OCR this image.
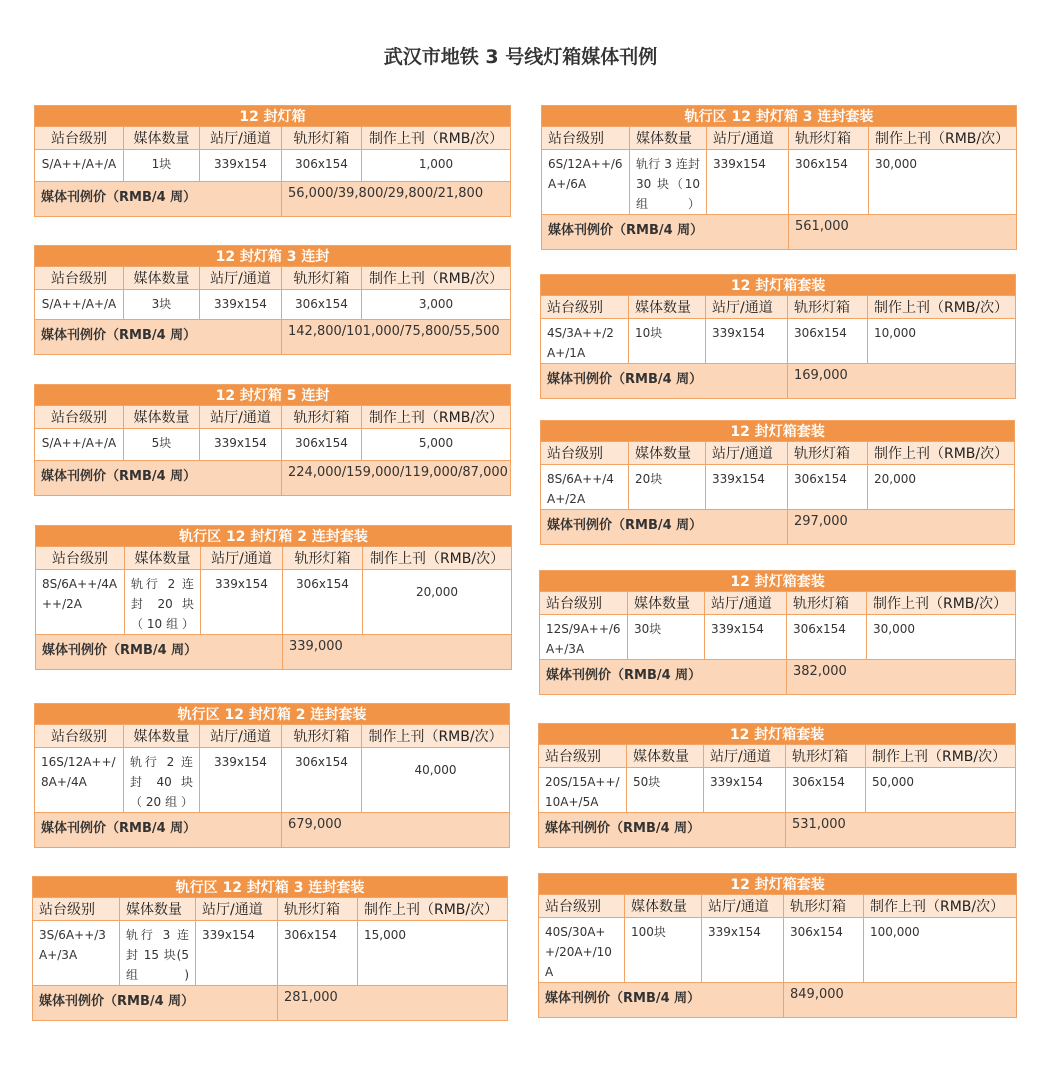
武汉市地铁 3 号线灯箱媒体刊例
12 封灯箱				
站台级别	媒体数量	站厅/通道	轨形灯箱	制作上刊（RMB/次）
S/A++/A+/A	1块	339x154	306x154	1,000
媒体刊例价（RMB/4 周）			56,000/39,800/29,800/21,800	
12 封灯箱 3 连封				
站台级别	媒体数量	站厅/通道	轨形灯箱	制作上刊（RMB/次）
S/A++/A+/A	3块	339x154	306x154	3,000
媒体刊例价（RMB/4 周）			142,800/101,000/75,800/55,500	
12 封灯箱 5 连封				
站台级别	媒体数量	站厅/通道	轨形灯箱	制作上刊（RMB/次）
S/A++/A+/A	5块	339x154	306x154	5,000
媒体刊例价（RMB/4 周）			224,000/159,000/119,000/87,000	
轨行区 12 封灯箱 2 连封套装				
站台级别	媒体数量	站厅/通道	轨形灯箱	制作上刊（RMB/次）
8S/6A++/4A++/2A	轨行 2 连封 20 块（10组）	339x154	306x154	20,000
媒体刊例价（RMB/4 周）			339,000	
轨行区 12 封灯箱 2 连封套装				
站台级别	媒体数量	站厅/通道	轨形灯箱	制作上刊（RMB/次）
16S/12A++/8A+/4A	轨行 2 连封 40 块（20组）	339x154	306x154	40,000
媒体刊例价（RMB/4 周）			679,000	
轨行区 12 封灯箱 3 连封套装				
站台级别	媒体数量	站厅/通道	轨形灯箱	制作上刊（RMB/次）
3S/6A++/3A+/3A	轨行 3 连封 15 块(5组)	339x154	306x154	15,000
媒体刊例价（RMB/4 周）			281,000	
轨行区 12 封灯箱 3 连封套装				
站台级别	媒体数量	站厅/通道	轨形灯箱	制作上刊（RMB/次）
6S/12A++/6A+/6A	轨行 3 连封 30 块（10组）	339x154	306x154	30,000
媒体刊例价（RMB/4 周）			561,000	
12 封灯箱套装				
站台级别	媒体数量	站厅/通道	轨形灯箱	制作上刊（RMB/次）
4S/3A++/2A+/1A	10块	339x154	306x154	10,000
媒体刊例价（RMB/4 周）			169,000	
12 封灯箱套装				
站台级别	媒体数量	站厅/通道	轨形灯箱	制作上刊（RMB/次）
8S/6A++/4A+/2A	20块	339x154	306x154	20,000
媒体刊例价（RMB/4 周）			297,000	
12 封灯箱套装				
站台级别	媒体数量	站厅/通道	轨形灯箱	制作上刊（RMB/次）
12S/9A++/6A+/3A	30块	339x154	306x154	30,000
媒体刊例价（RMB/4 周）			382,000	
12 封灯箱套装				
站台级别	媒体数量	站厅/通道	轨形灯箱	制作上刊（RMB/次）
20S/15A++/10A+/5A	50块	339x154	306x154	50,000
媒体刊例价（RMB/4 周）			531,000	
12 封灯箱套装				
站台级别	媒体数量	站厅/通道	轨形灯箱	制作上刊（RMB/次）
40S/30A++/20A+/10A	100块	339x154	306x154	100,000
媒体刊例价（RMB/4 周）			849,000	
